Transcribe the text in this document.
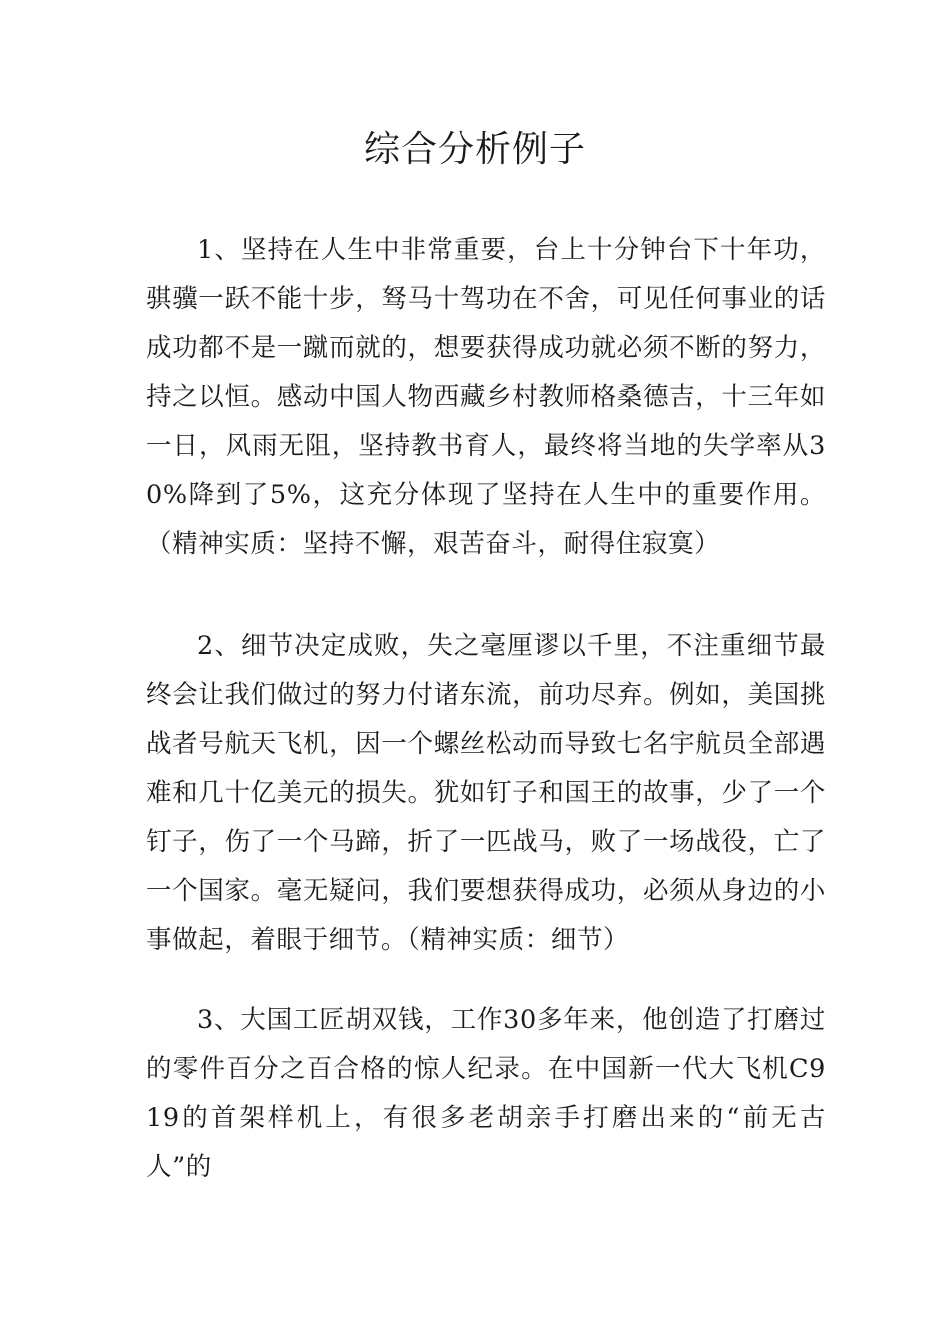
综合分析例子

1、坚持在人生中非常重要，台上十分钟台下十年功，骐骥一跃不能十步，驽马十驾功在不舍，可见任何事业的话成功都不是一蹴而就的，想要获得成功就必须不断的努力，持之以恒。感动中国人物西藏乡村教师格桑德吉，十三年如一日，风雨无阻，坚持教书育人，最终将当地的失学率从30%降到了5%，这充分体现了坚持在人生中的重要作用。（精神实质：坚持不懈，艰苦奋斗，耐得住寂寞）

2、细节决定成败，失之毫厘谬以千里，不注重细节最终会让我们做过的努力付诸东流，前功尽弃。例如，美国挑战者号航天飞机，因一个螺丝松动而导致七名宇航员全部遇难和几十亿美元的损失。犹如钉子和国王的故事，少了一个钉子，伤了一个马蹄，折了一匹战马，败了一场战役，亡了一个国家。毫无疑问，我们要想获得成功，必须从身边的小事做起，着眼于细节。（精神实质：细节）

3、大国工匠胡双钱，工作30多年来，他创造了打磨过的零件百分之百合格的惊人纪录。在中国新一代大飞机C919的首架样机上，有很多老胡亲手打磨出来的“前无古人”的
